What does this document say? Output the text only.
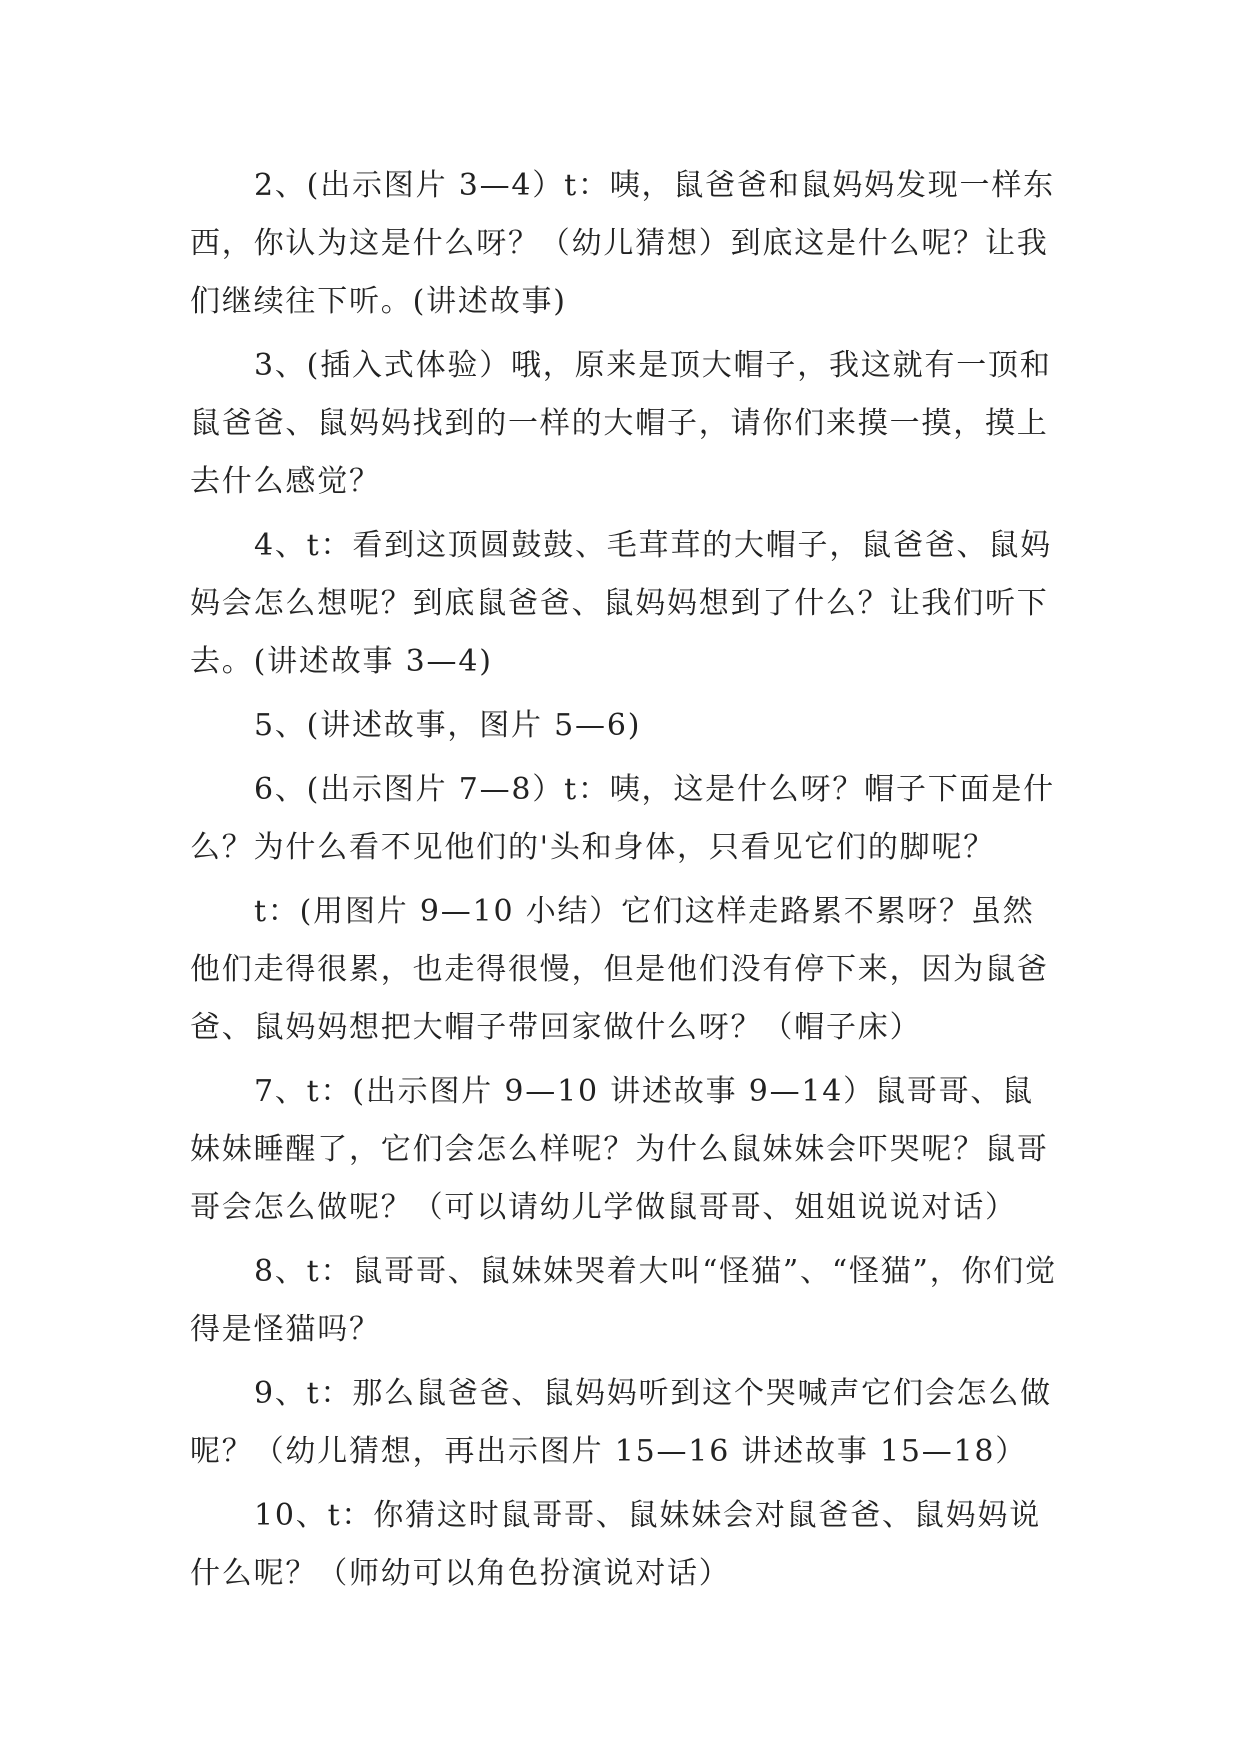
2、(出示图片 3—4）t：咦，鼠爸爸和鼠妈妈发现一样东西，你认为这是什么呀？（幼儿猜想）到底这是什么呢？让我们继续往下听。(讲述故事)

3、(插入式体验）哦，原来是顶大帽子，我这就有一顶和鼠爸爸、鼠妈妈找到的一样的大帽子，请你们来摸一摸，摸上去什么感觉？

4、t：看到这顶圆鼓鼓、毛茸茸的大帽子，鼠爸爸、鼠妈妈会怎么想呢？到底鼠爸爸、鼠妈妈想到了什么？让我们听下去。(讲述故事 3—4)

5、(讲述故事，图片 5—6)

6、(出示图片 7—8）t：咦，这是什么呀？帽子下面是什么？为什么看不见他们的'头和身体，只看见它们的脚呢？

t：(用图片 9—10 小结）它们这样走路累不累呀？虽然他们走得很累，也走得很慢，但是他们没有停下来，因为鼠爸爸、鼠妈妈想把大帽子带回家做什么呀？（帽子床）

7、t：(出示图片 9—10 讲述故事 9—14）鼠哥哥、鼠妹妹睡醒了，它们会怎么样呢？为什么鼠妹妹会吓哭呢？鼠哥哥会怎么做呢？（可以请幼儿学做鼠哥哥、姐姐说说对话）

8、t：鼠哥哥、鼠妹妹哭着大叫“怪猫”、“怪猫”，你们觉得是怪猫吗？

9、t：那么鼠爸爸、鼠妈妈听到这个哭喊声它们会怎么做呢？（幼儿猜想，再出示图片 15—16 讲述故事 15—18）

10、t：你猜这时鼠哥哥、鼠妹妹会对鼠爸爸、鼠妈妈说什么呢？（师幼可以角色扮演说对话）
